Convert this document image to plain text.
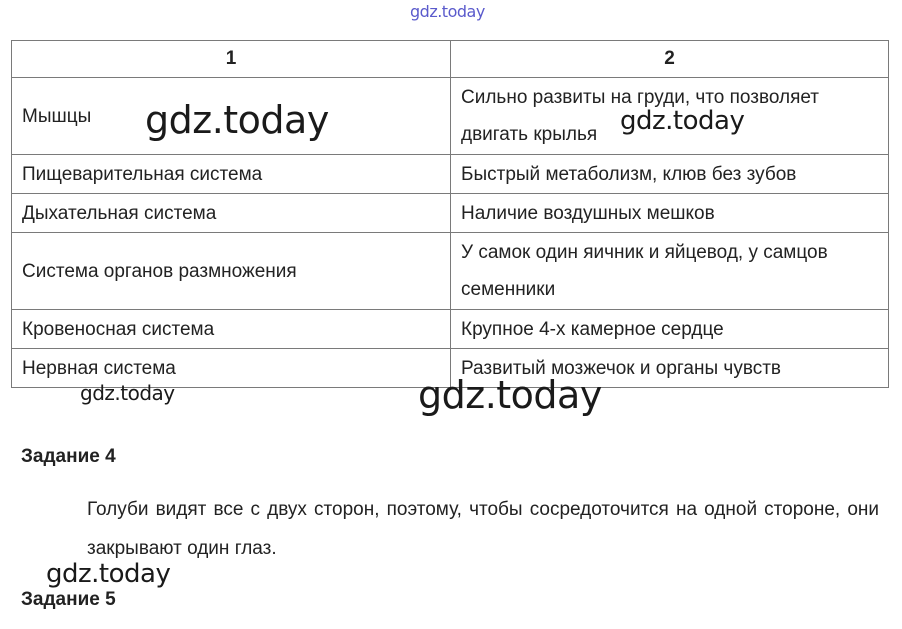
gdz.today
1	2
Мышцы	Сильно развиты на груди, что позволяет двигать крылья
Пищеварительная система	Быстрый метаболизм, клюв без зубов
Дыхательная система	Наличие воздушных мешков
Система органов размножения	У самок один яичник и яйцевод, у самцов семенники
Кровеносная система	Крупное 4-х камерное сердце
Нервная система	Развитый мозжечок и органы чувств
gdz.today	gdz.today
gdz.today	gdz.today
Задание 4
Голуби видят все с двух сторон, поэтому, чтобы сосредоточится на одной стороне, они закрывают один глаз.
gdz.today
Задание 5
